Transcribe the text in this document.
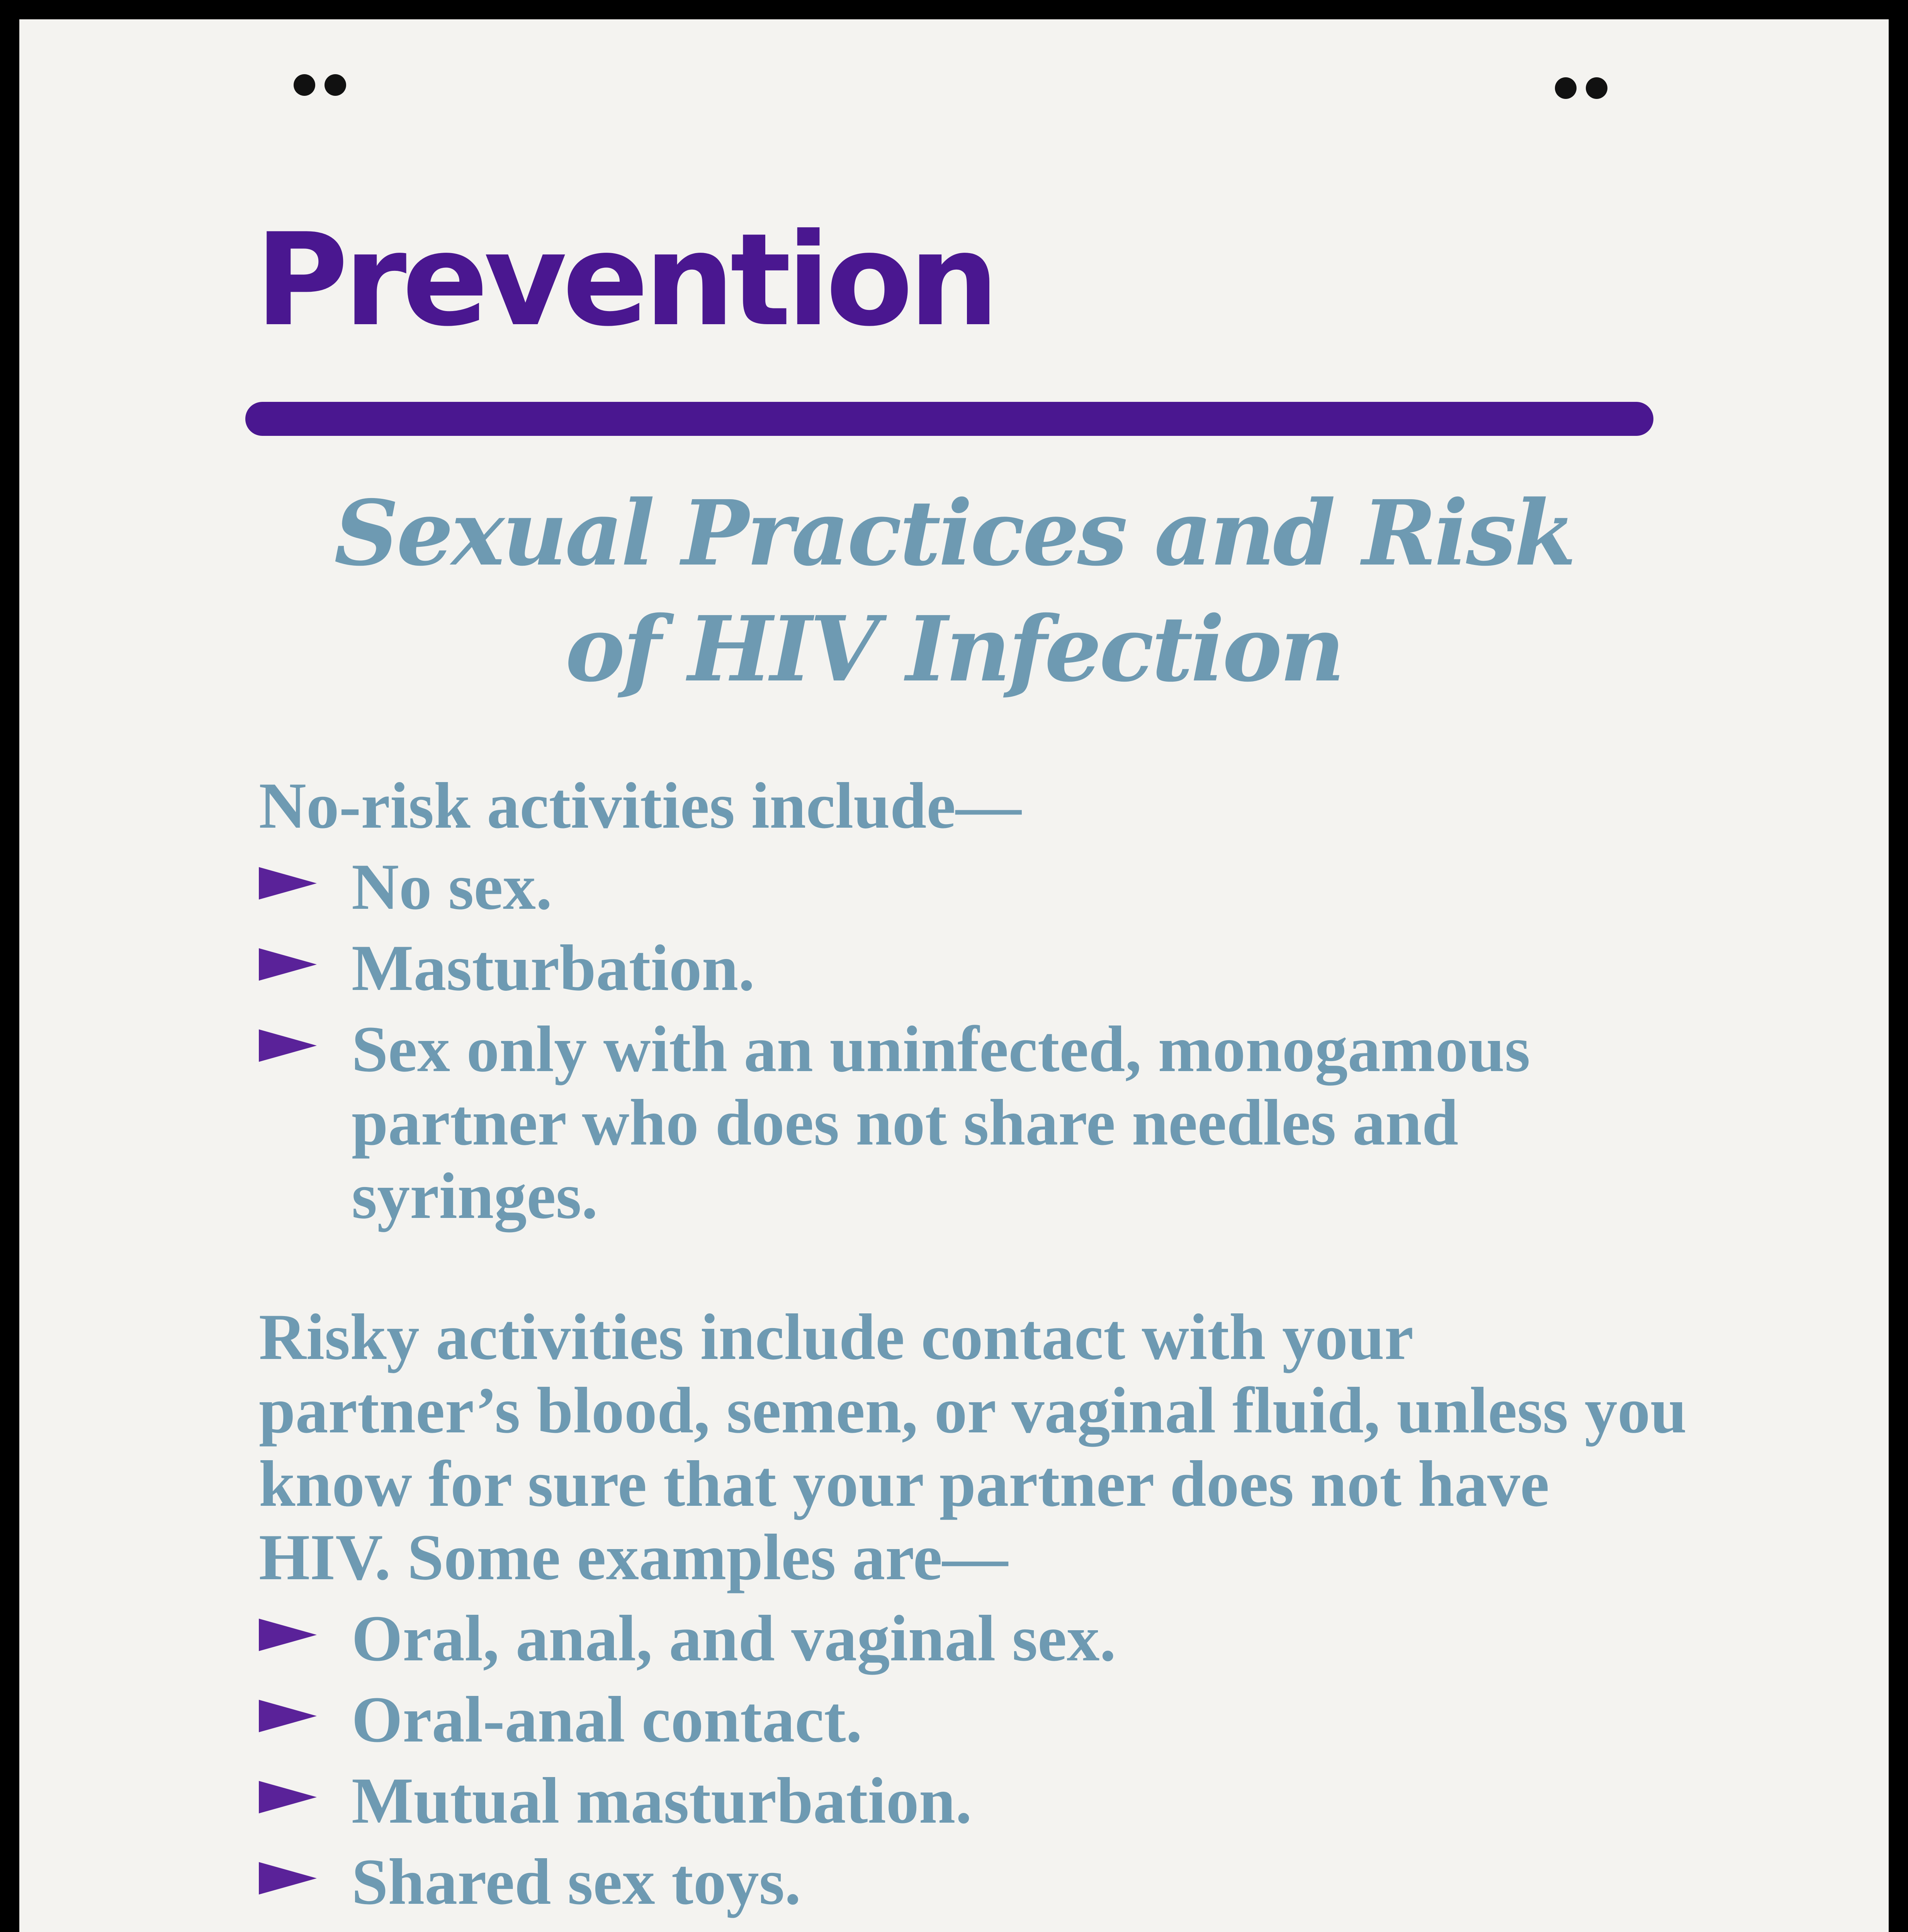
Prevention
Sexual Practices and Risk
of HIV Infection

No-risk activities include—

No sex.
Masturbation.
Sex only with an uninfected, monogamous partner who does not share needles and syringes.

Risky activities include contact with your partner’s blood, semen, or vaginal fluid, unless you know for sure that your partner does not have HIV. Some examples are—

Oral, anal, and vaginal sex.
Oral-anal contact.
Mutual masturbation.
Shared sex toys.
